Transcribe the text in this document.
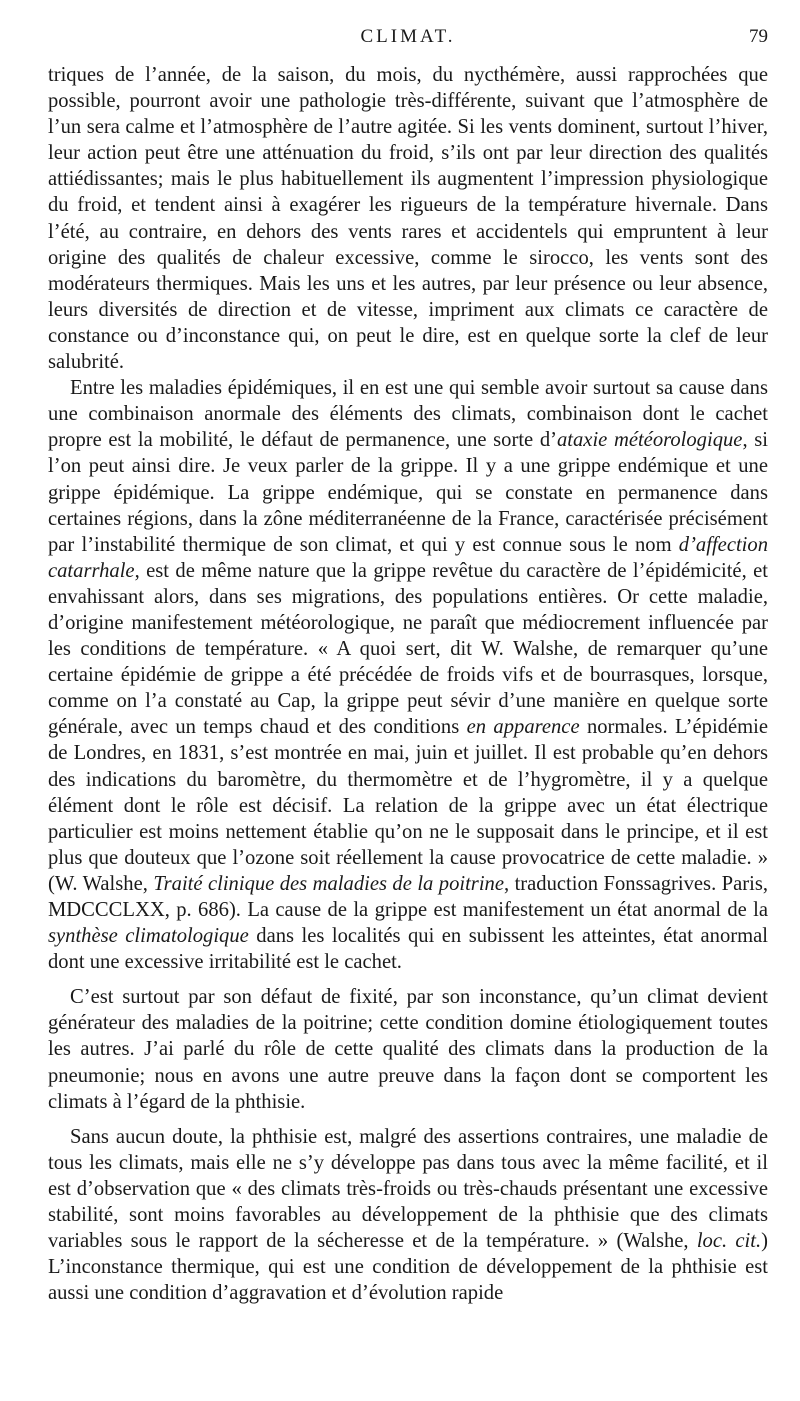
CLIMAT.	79

triques de l’année, de la saison, du mois, du nycthémère, aussi rapprochées que possible, pourront avoir une pathologie très-différente, suivant que l’atmosphère de l’un sera calme et l’atmosphère de l’autre agitée. Si les vents dominent, surtout l’hiver, leur action peut être une atténuation du froid, s’ils ont par leur direction des qualités attiédissantes; mais le plus habituellement ils augmentent l’impression physiologique du froid, et tendent ainsi à exagérer les rigueurs de la température hivernale. Dans l’été, au contraire, en dehors des vents rares et accidentels qui empruntent à leur origine des qualités de chaleur excessive, comme le sirocco, les vents sont des modérateurs thermiques. Mais les uns et les autres, par leur présence ou leur absence, leurs diversités de direction et de vitesse, impriment aux climats ce caractère de constance ou d’inconstance qui, on peut le dire, est en quelque sorte la clef de leur salubrité.

Entre les maladies épidémiques, il en est une qui semble avoir surtout sa cause dans une combinaison anormale des éléments des climats, combinaison dont le cachet propre est la mobilité, le défaut de permanence, une sorte d’ataxie météorologique, si l’on peut ainsi dire. Je veux parler de la grippe. Il y a une grippe endémique et une grippe épidémique. La grippe endémique, qui se constate en permanence dans certaines régions, dans la zône méditerranéenne de la France, caractérisée précisément par l’instabilité thermique de son climat, et qui y est connue sous le nom d’affection catarrhale, est de même nature que la grippe revêtue du caractère de l’épidémicité, et envahissant alors, dans ses migrations, des populations entières. Or cette maladie, d’origine manifestement météorologique, ne paraît que médiocrement influencée par les conditions de température. « A quoi sert, dit W. Walshe, de remarquer qu’une certaine épidémie de grippe a été précédée de froids vifs et de bourrasques, lorsque, comme on l’a constaté au Cap, la grippe peut sévir d’une manière en quelque sorte générale, avec un temps chaud et des conditions en apparence normales. L’épidémie de Londres, en 1831, s’est montrée en mai, juin et juillet. Il est probable qu’en dehors des indications du baromètre, du thermomètre et de l’hygromètre, il y a quelque élément dont le rôle est décisif. La relation de la grippe avec un état électrique particulier est moins nettement établie qu’on ne le supposait dans le principe, et il est plus que douteux que l’ozone soit réellement la cause provocatrice de cette maladie. » (W. Walshe, Traité clinique des maladies de la poitrine, traduction Fonssagrives. Paris, MDCCCLXX, p. 686). La cause de la grippe est manifestement un état anormal de la synthèse climatologique dans les localités qui en subissent les atteintes, état anormal dont une excessive irritabilité est le cachet.

C’est surtout par son défaut de fixité, par son inconstance, qu’un climat devient générateur des maladies de la poitrine; cette condition domine étiologiquement toutes les autres. J’ai parlé du rôle de cette qualité des climats dans la production de la pneumonie; nous en avons une autre preuve dans la façon dont se comportent les climats à l’égard de la phthisie.

Sans aucun doute, la phthisie est, malgré des assertions contraires, une maladie de tous les climats, mais elle ne s’y développe pas dans tous avec la même facilité, et il est d’observation que « des climats très-froids ou très-chauds présentant une excessive stabilité, sont moins favorables au développement de la phthisie que des climats variables sous le rapport de la sécheresse et de la température. » (Walshe, loc. cit.) L’inconstance thermique, qui est une condition de développement de la phthisie est aussi une condition d’aggravation et d’évolution rapide
